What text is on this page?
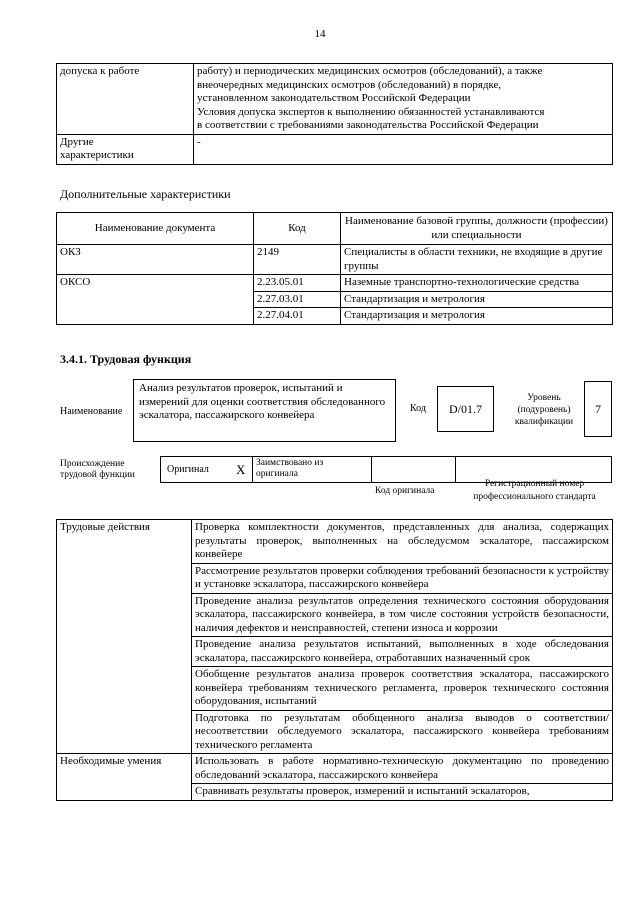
14
допуска к работе	работу) и периодических медицинских осмотров (обследований), а также
внеочередных медицинских осмотров (обследований) в порядке,
установленном законодательством Российской Федерации
Условия допуска экспертов к выполнению обязанностей устанавливаются
в соответствии с требованиями законодательства Российской Федерации

Другие
характеристики	-
Дополнительные характеристики
Наименование документа	Код	Наименование базовой группы, должности (профессии) или специальности
ОКЗ	2149	Специалисты в области техники, не входящие в другие группы
ОКСО	2.23.05.01	Наземные транспортно-технологические средства
	2.27.03.01	Стандартизация и метрология
	2.27.04.01	Стандартизация и метрология
3.4.1. Трудовая функция
Наименование
Анализ результатов проверок, испытаний и измерений для оценки соответствия обследованного эскалатора, пассажирского конвейера
Код D/01.7
Уровень (подуровень) квалификации
7
Происхождение трудовой функции	Оригинал X Заимствовано из оригинала
Код оригинала
Регистрационный номер профессионального стандарта
Трудовые действия	Проверка комплектности документов, представленных для анализа, содержащих результаты проверок, выполненных на обследусмом эскалаторе, пассажирском конвейере
	Рассмотрение результатов проверки соблюдения требований безопасности к устройству и установке эскалатора, пассажирского конвейера
	Проведение анализа результатов определения технического состояния оборудования эскалатора, пассажирского конвейера, в том числе состояния устройств безопасности, наличия дефектов и неисправностей, степени износа и коррозии
	Проведение анализа результатов испытаний, выполненных в ходе обследования эскалатора, пассажирского конвейера, отработавших назначенный срок
	Обобщение результатов анализа проверок соответствия эскалатора, пассажирского конвейера требованиям технического регламента, проверок технического состояния оборудования, испытаний
	Подготовка по результатам обобщенного анализа выводов о соответствии/несоответствии обследуемого эскалатора, пассажирского конвейера требованиям технического регламента
Необходимые умения	Использовать в работе нормативно-техническую документацию по проведению обследований эскалатора, пассажирского конвейера
	Сравнивать результаты проверок, измерений и испытаний эскалаторов,
